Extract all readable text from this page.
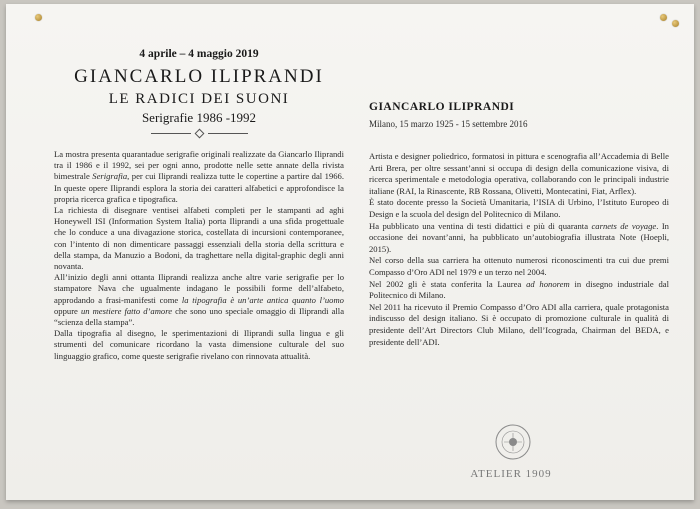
4 aprile – 4 maggio 2019
GIANCARLO ILIPRANDI
LE RADICI DEI SUONI
Serigrafie 1986 -1992

La mostra presenta quarantadue serigrafie originali realizzate da Giancarlo Iliprandi tra il 1986 e il 1992, sei per ogni anno, prodotte nelle sette annate della rivista bimestrale Serigrafia, per cui Iliprandi realizza tutte le copertine a partire dal 1966. In queste opere Iliprandi esplora la storia dei caratteri alfabetici e approfondisce la propria ricerca grafica e tipografica.

La richiesta di disegnare ventisei alfabeti completi per le stampanti ad aghi Honeywell ISI (Information System Italia) porta Iliprandi a una sfida progettuale che lo conduce a una divagazione storica, costellata di incursioni contemporanee, con l’intento di non dimenticare passaggi essenziali della storia della scrittura e della stampa, da Manuzio a Bodoni, da traghettare nella digital-graphic degli anni novanta.

All’inizio degli anni ottanta Iliprandi realizza anche altre varie serigrafie per lo stampatore Nava che ugualmente indagano le possibili forme dell’alfabeto, approdando a frasi-manifesti come la tipografia è un’arte antica quanto l’uomo oppure un mestiere fatto d’amore che sono uno speciale omaggio di Iliprandi alla “scienza della stampa”.

Dalla tipografia al disegno, le sperimentazioni di Iliprandi sulla lingua e gli strumenti del comunicare ricordano la vasta dimensione culturale del suo linguaggio grafico, come queste serigrafie rivelano con rinnovata attualità.

GIANCARLO ILIPRANDI
Milano, 15 marzo 1925 - 15 settembre 2016

Artista e designer poliedrico, formatosi in pittura e scenografia all’Accademia di Belle Arti Brera, per oltre sessant’anni si occupa di design della comunicazione visiva, di ricerca sperimentale e metodologia operativa, collaborando con le principali industrie italiane (RAI, la Rinascente, RB Rossana, Olivetti, Montecatini, Fiat, Arflex).

È stato docente presso la Società Umanitaria, l’ISIA di Urbino, l’Istituto Europeo di Design e la scuola del design del Politecnico di Milano.

Ha pubblicato una ventina di testi didattici e più di quaranta carnets de voyage. In occasione dei novant’anni, ha pubblicato un’autobiografia illustrata Note (Hoepli, 2015).

Nel corso della sua carriera ha ottenuto numerosi riconoscimenti tra cui due premi Compasso d’Oro ADI nel 1979 e un terzo nel 2004.

Nel 2002 gli è stata conferita la Laurea ad honorem in disegno industriale dal Politecnico di Milano.

Nel 2011 ha ricevuto il Premio Compasso d’Oro ADI alla carriera, quale protagonista indiscusso del design italiano. Si è occupato di promozione culturale in qualità di presidente dell’Art Directors Club Milano, dell’Icograda, Chairman del BEDA, e presidente dell’ADI.

ATELIER 1909
